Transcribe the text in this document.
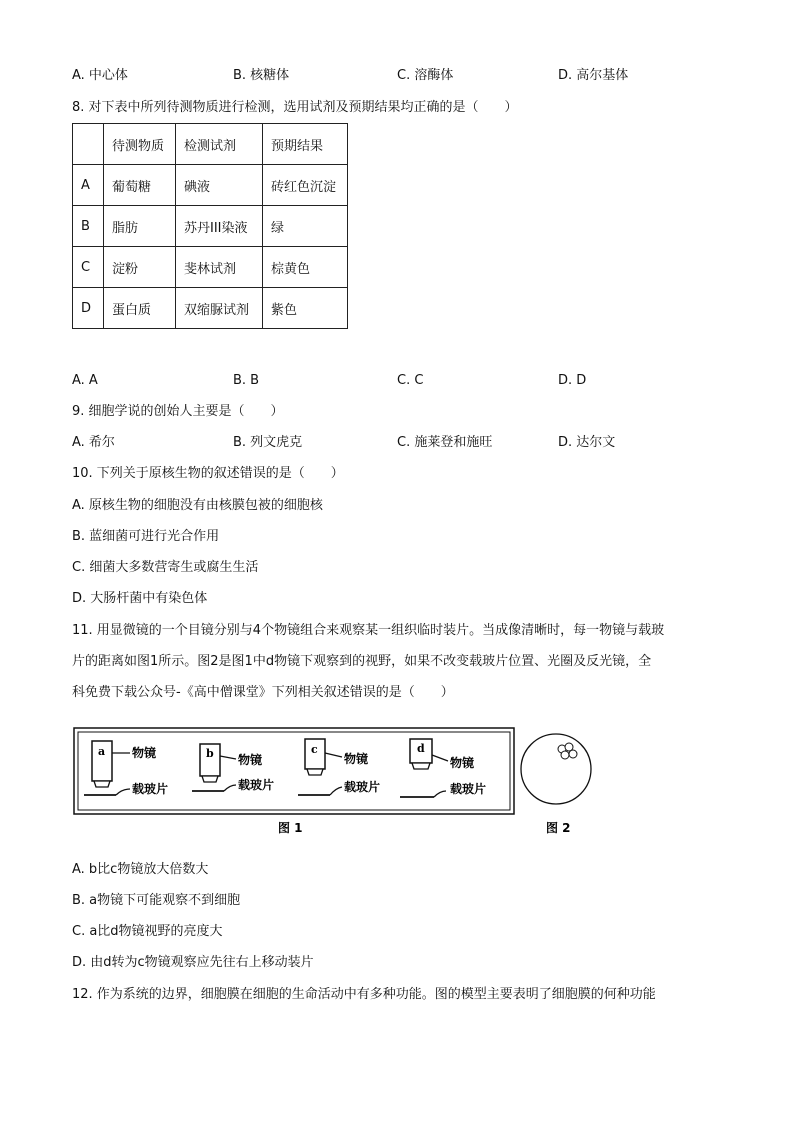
A. 中心体	B. 核糖体	C. 溶酶体	D. 高尔基体
8. 对下表中所列待测物质进行检测，选用试剂及预期结果均正确的是（　　）
	待测物质	检测试剂	预期结果
A	葡萄糖	碘液	砖红色沉淀
B	脂肪	苏丹III染液	绿
C	淀粉	斐林试剂	棕黄色
D	蛋白质	双缩脲试剂	紫色
A. A	B. B	C. C	D. D
9. 细胞学说的创始人主要是（　　）
A. 希尔	B. 列文虎克	C. 施莱登和施旺	D. 达尔文
10. 下列关于原核生物的叙述错误的是（　　）
A. 原核生物的细胞没有由核膜包被的细胞核
B. 蓝细菌可进行光合作用
C. 细菌大多数营寄生或腐生生活
D. 大肠杆菌中有染色体
11. 用显微镜的一个目镜分别与4个物镜组合来观察某一组织临时装片。当成像清晰时，每一物镜与载玻
片的距离如图1所示。图2是图1中d物镜下观察到的视野，如果不改变载玻片位置、光圈及反光镜，全
科免费下载公众号-《高中僧课堂》下列相关叙述错误的是（　　）
a 物镜
载玻片
b 物镜
载玻片
c
物镜
载玻片
d
物镜
载玻片
图 1	图 2
A. b比c物镜放大倍数大
B. a物镜下可能观察不到细胞
C. a比d物镜视野的亮度大
D. 由d转为c物镜观察应先往右上移动装片
12. 作为系统的边界，细胞膜在细胞的生命活动中有多种功能。图的模型主要表明了细胞膜的何种功能
